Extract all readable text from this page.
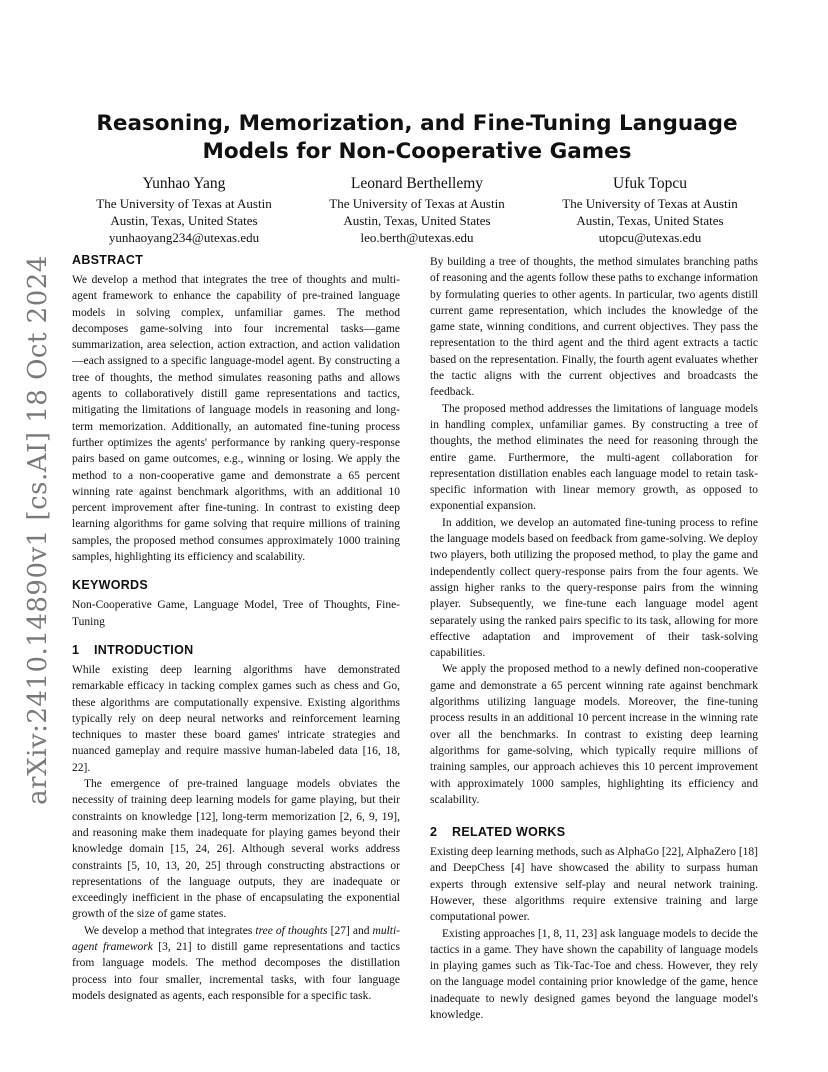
arXiv:2410.14890v1 [cs.AI] 18 Oct 2024
Reasoning, Memorization, and Fine-Tuning Language Models for Non-Cooperative Games
Yunhao Yang
The University of Texas at Austin
Austin, Texas, United States
yunhaoyang234@utexas.edu
Leonard Berthellemy
The University of Texas at Austin
Austin, Texas, United States
leo.berth@utexas.edu
Ufuk Topcu
The University of Texas at Austin
Austin, Texas, United States
utopcu@utexas.edu
ABSTRACT

We develop a method that integrates the tree of thoughts and multi-agent framework to enhance the capability of pre-trained language models in solving complex, unfamiliar games. The method decomposes game-solving into four incremental tasks—game summarization, area selection, action extraction, and action validation—each assigned to a specific language-model agent. By constructing a tree of thoughts, the method simulates reasoning paths and allows agents to collaboratively distill game representations and tactics, mitigating the limitations of language models in reasoning and long-term memorization. Additionally, an automated fine-tuning process further optimizes the agents' performance by ranking query-response pairs based on game outcomes, e.g., winning or losing. We apply the method to a non-cooperative game and demonstrate a 65 percent winning rate against benchmark algorithms, with an additional 10 percent improvement after fine-tuning. In contrast to existing deep learning algorithms for game solving that require millions of training samples, the proposed method consumes approximately 1000 training samples, highlighting its efficiency and scalability.

KEYWORDS

Non-Cooperative Game, Language Model, Tree of Thoughts, Fine-Tuning

1 INTRODUCTION

While existing deep learning algorithms have demonstrated remarkable efficacy in tacking complex games such as chess and Go, these algorithms are computationally expensive. Existing algorithms typically rely on deep neural networks and reinforcement learning techniques to master these board games' intricate strategies and nuanced gameplay and require massive human-labeled data [16, 18, 22].

The emergence of pre-trained language models obviates the necessity of training deep learning models for game playing, but their constraints on knowledge [12], long-term memorization [2, 6, 9, 19], and reasoning make them inadequate for playing games beyond their knowledge domain [15, 24, 26]. Although several works address constraints [5, 10, 13, 20, 25] through constructing abstractions or representations of the language outputs, they are inadequate or exceedingly inefficient in the phase of encapsulating the exponential growth of the size of game states.

We develop a method that integrates tree of thoughts [27] and multi-agent framework [3, 21] to distill game representations and tactics from language models. The method decomposes the distillation process into four smaller, incremental tasks, with four language models designated as agents, each responsible for a specific task.

By building a tree of thoughts, the method simulates branching paths of reasoning and the agents follow these paths to exchange information by formulating queries to other agents. In particular, two agents distill current game representation, which includes the knowledge of the game state, winning conditions, and current objectives. They pass the representation to the third agent and the third agent extracts a tactic based on the representation. Finally, the fourth agent evaluates whether the tactic aligns with the current objectives and broadcasts the feedback.

The proposed method addresses the limitations of language models in handling complex, unfamiliar games. By constructing a tree of thoughts, the method eliminates the need for reasoning through the entire game. Furthermore, the multi-agent collaboration for representation distillation enables each language model to retain task-specific information with linear memory growth, as opposed to exponential expansion.

In addition, we develop an automated fine-tuning process to refine the language models based on feedback from game-solving. We deploy two players, both utilizing the proposed method, to play the game and independently collect query-response pairs from the four agents. We assign higher ranks to the query-response pairs from the winning player. Subsequently, we fine-tune each language model agent separately using the ranked pairs specific to its task, allowing for more effective adaptation and improvement of their task-solving capabilities.

We apply the proposed method to a newly defined non-cooperative game and demonstrate a 65 percent winning rate against benchmark algorithms utilizing language models. Moreover, the fine-tuning process results in an additional 10 percent increase in the winning rate over all the benchmarks. In contrast to existing deep learning algorithms for game-solving, which typically require millions of training samples, our approach achieves this 10 percent improvement with approximately 1000 samples, highlighting its efficiency and scalability.

2 RELATED WORKS

Existing deep learning methods, such as AlphaGo [22], AlphaZero [18] and DeepChess [4] have showcased the ability to surpass human experts through extensive self-play and neural network training. However, these algorithms require extensive training and large computational power.

Existing approaches [1, 8, 11, 23] ask language models to decide the tactics in a game. They have shown the capability of language models in playing games such as Tik-Tac-Toe and chess. However, they rely on the language model containing prior knowledge of the game, hence inadequate to newly designed games beyond the language model's knowledge.
